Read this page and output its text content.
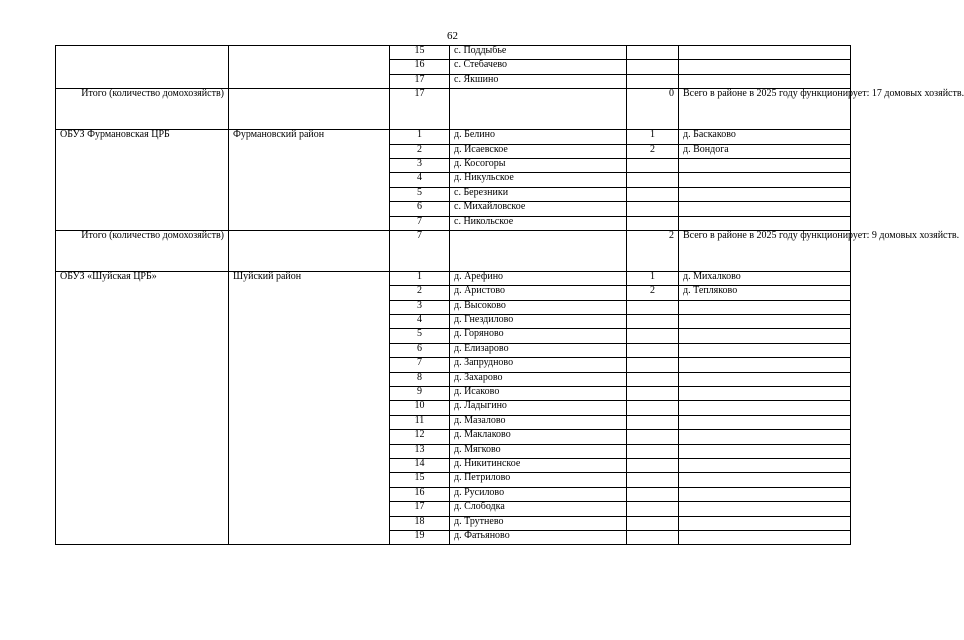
62
		15	с. Поддыбье		
		16	с. Стебачево		
		17	с. Якшино		
Итого (количество домохозяйств)		17		0	Всего в районе в 2025 году функционирует: 17 домовых хозяйств.
ОБУЗ Фурмановская ЦРБ	Фурмановский район	1	д. Белино	1	д. Баскаково
		2	д. Исаевское	2	д. Вондога
		3	д. Косогоры		
		4	д. Никульское		
		5	с. Березники		
		6	с. Михайловское		
		7	с. Никольское		
Итого (количество домохозяйств)		7		2	Всего в районе в 2025 году функционирует: 9 домовых хозяйств.
ОБУЗ «Шуйская ЦРБ»	Шуйский район	1	д. Арефино	1	д. Михалково
		2	д. Аристово	2	д. Тепляково
		3	д. Высоково		
		4	д. Гнездилово		
		5	д. Горяново		
		6	д. Елизарово		
		7	д. Запрудново		
		8	д. Захарово		
		9	д. Исаково		
		10	д. Ладыгино		
		11	д. Мазалово		
		12	д. Маклаково		
		13	д. Мягково		
		14	д. Никитинское		
		15	д. Петрилово		
		16	д. Русилово		
		17	д. Слободка		
		18	д. Трутнево		
		19	д. Фатьяново		
